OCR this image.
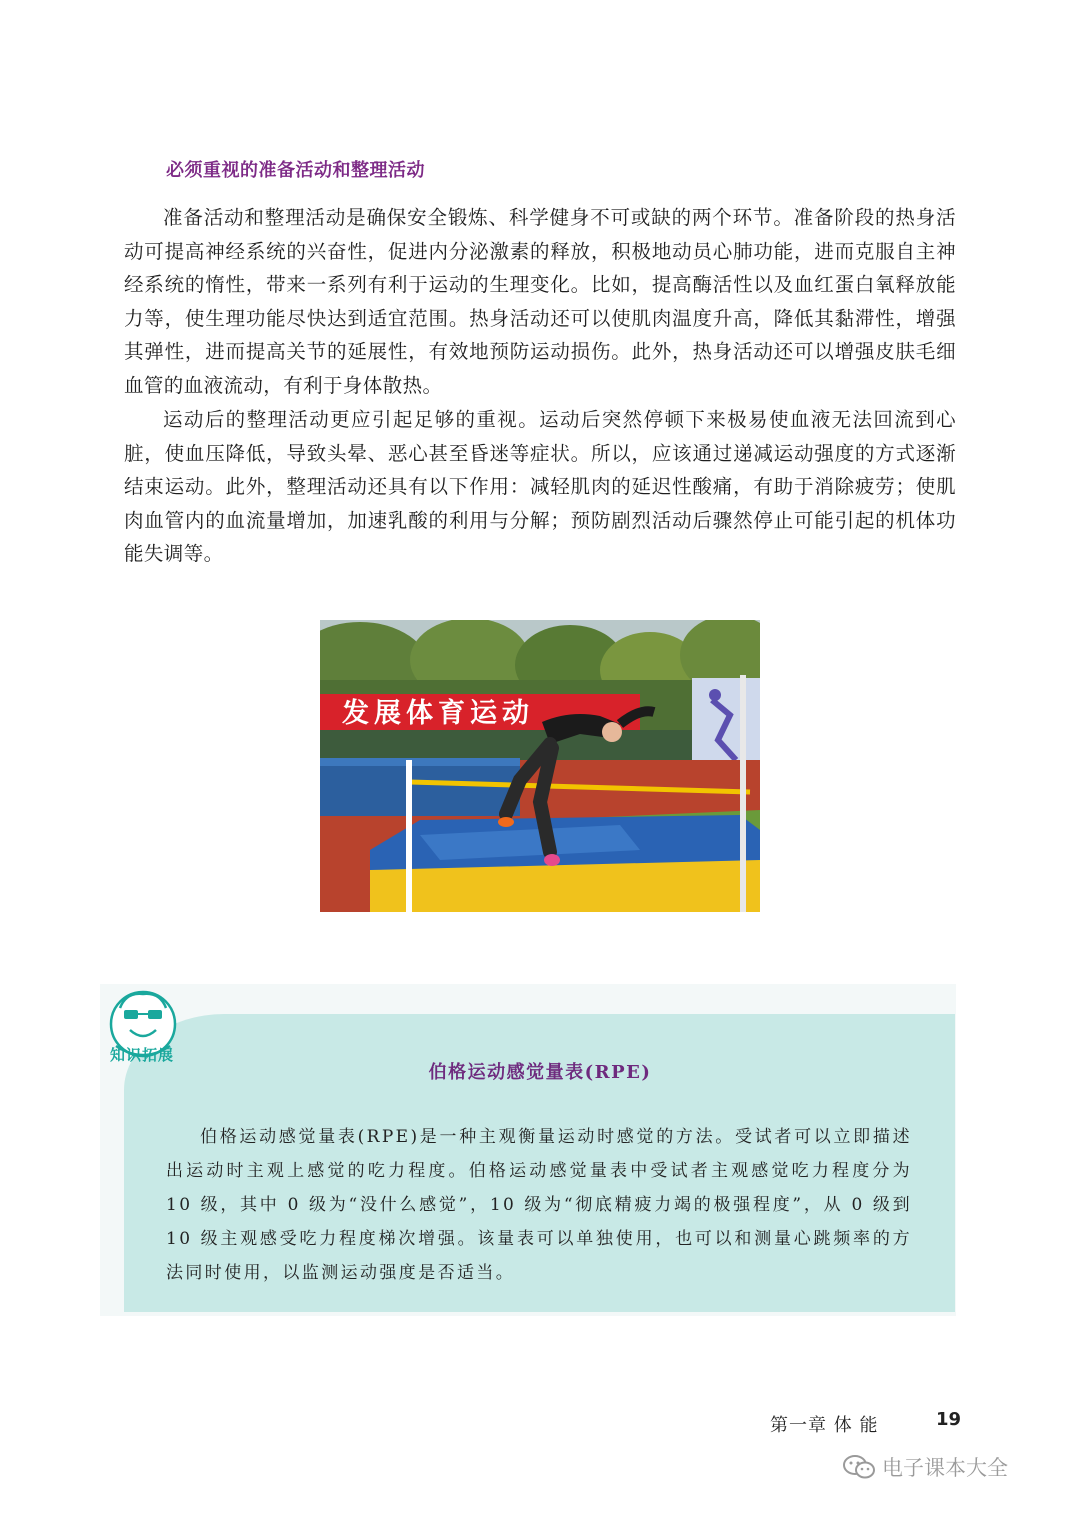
必须重视的准备活动和整理活动

准备活动和整理活动是确保安全锻炼、科学健身不可或缺的两个环节。准备阶段的热身活动可提高神经系统的兴奋性，促进内分泌激素的释放，积极地动员心肺功能，进而克服自主神经系统的惰性，带来一系列有利于运动的生理变化。比如，提高酶活性以及血红蛋白氧释放能力等，使生理功能尽快达到适宜范围。热身活动还可以使肌肉温度升高，降低其黏滞性，增强其弹性，进而提高关节的延展性，有效地预防运动损伤。此外，热身活动还可以增强皮肤毛细血管的血液流动，有利于身体散热。

运动后的整理活动更应引起足够的重视。运动后突然停顿下来极易使血液无法回流到心脏，使血压降低，导致头晕、恶心甚至昏迷等症状。所以，应该通过递减运动强度的方式逐渐结束运动。此外，整理活动还具有以下作用：减轻肌肉的延迟性酸痛，有助于消除疲劳；使肌肉血管内的血流量增加，加速乳酸的利用与分解；预防剧烈活动后骤然停止可能引起的机体功能失调等。

发展体育运动
知识拓展
伯格运动感觉量表(RPE)

伯格运动感觉量表(RPE)是一种主观衡量运动时感觉的方法。受试者可以立即描述出运动时主观上感觉的吃力程度。伯格运动感觉量表中受试者主观感觉吃力程度分为 10 级，其中 0 级为“没什么感觉”，10 级为“彻底精疲力竭的极强程度”，从 0 级到 10 级主观感受吃力程度梯次增强。该量表可以单独使用，也可以和测量心跳频率的方法同时使用，以监测运动强度是否适当。

第一章 体 能	19
电子课本大全
